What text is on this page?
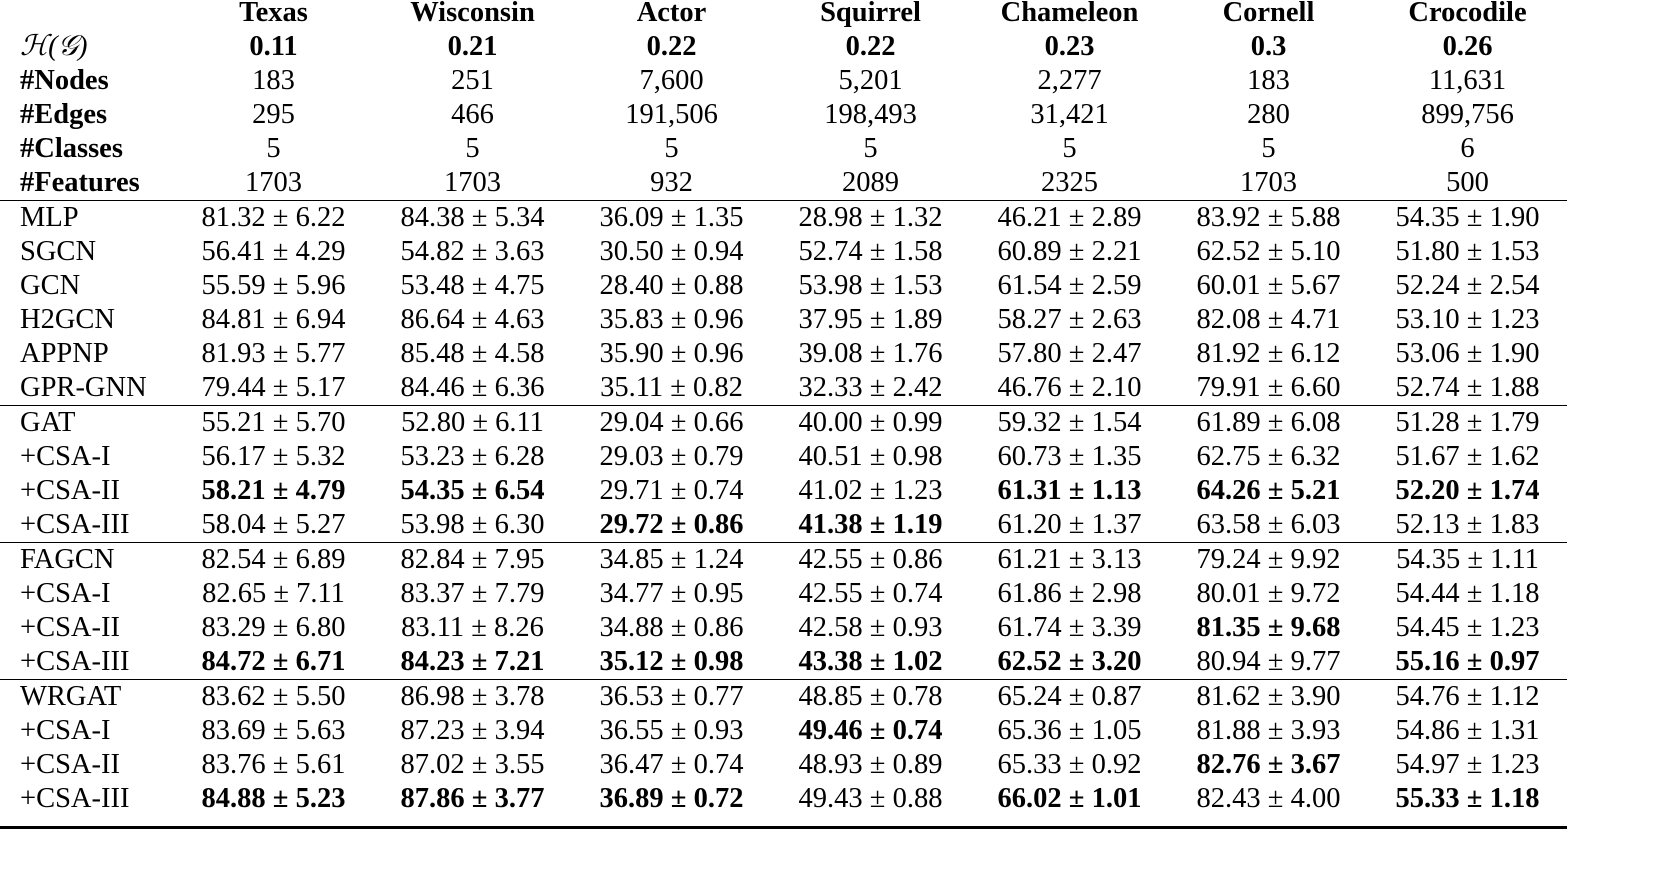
	Texas	Wisconsin	Actor	Squirrel	Chameleon	Cornell	Crocodile
ℋ(𝒢)	0.11	0.21	0.22	0.22	0.23	0.3	0.26
#Nodes	183	251	7,600	5,201	2,277	183	11,631
#Edges	295	466	191,506	198,493	31,421	280	899,756
#Classes	5	5	5	5	5	5	6
#Features	1703	1703	932	2089	2325	1703	500
MLP	81.32 ± 6.22	84.38 ± 5.34	36.09 ± 1.35	28.98 ± 1.32	46.21 ± 2.89	83.92 ± 5.88	54.35 ± 1.90
SGCN	56.41 ± 4.29	54.82 ± 3.63	30.50 ± 0.94	52.74 ± 1.58	60.89 ± 2.21	62.52 ± 5.10	51.80 ± 1.53
GCN	55.59 ± 5.96	53.48 ± 4.75	28.40 ± 0.88	53.98 ± 1.53	61.54 ± 2.59	60.01 ± 5.67	52.24 ± 2.54
H2GCN	84.81 ± 6.94	86.64 ± 4.63	35.83 ± 0.96	37.95 ± 1.89	58.27 ± 2.63	82.08 ± 4.71	53.10 ± 1.23
APPNP	81.93 ± 5.77	85.48 ± 4.58	35.90 ± 0.96	39.08 ± 1.76	57.80 ± 2.47	81.92 ± 6.12	53.06 ± 1.90
GPR-GNN	79.44 ± 5.17	84.46 ± 6.36	35.11 ± 0.82	32.33 ± 2.42	46.76 ± 2.10	79.91 ± 6.60	52.74 ± 1.88
GAT	55.21 ± 5.70	52.80 ± 6.11	29.04 ± 0.66	40.00 ± 0.99	59.32 ± 1.54	61.89 ± 6.08	51.28 ± 1.79
+CSA-I	56.17 ± 5.32	53.23 ± 6.28	29.03 ± 0.79	40.51 ± 0.98	60.73 ± 1.35	62.75 ± 6.32	51.67 ± 1.62
+CSA-II	58.21 ± 4.79	54.35 ± 6.54	29.71 ± 0.74	41.02 ± 1.23	61.31 ± 1.13	64.26 ± 5.21	52.20 ± 1.74
+CSA-III	58.04 ± 5.27	53.98 ± 6.30	29.72 ± 0.86	41.38 ± 1.19	61.20 ± 1.37	63.58 ± 6.03	52.13 ± 1.83
FAGCN	82.54 ± 6.89	82.84 ± 7.95	34.85 ± 1.24	42.55 ± 0.86	61.21 ± 3.13	79.24 ± 9.92	54.35 ± 1.11
+CSA-I	82.65 ± 7.11	83.37 ± 7.79	34.77 ± 0.95	42.55 ± 0.74	61.86 ± 2.98	80.01 ± 9.72	54.44 ± 1.18
+CSA-II	83.29 ± 6.80	83.11 ± 8.26	34.88 ± 0.86	42.58 ± 0.93	61.74 ± 3.39	81.35 ± 9.68	54.45 ± 1.23
+CSA-III	84.72 ± 6.71	84.23 ± 7.21	35.12 ± 0.98	43.38 ± 1.02	62.52 ± 3.20	80.94 ± 9.77	55.16 ± 0.97
WRGAT	83.62 ± 5.50	86.98 ± 3.78	36.53 ± 0.77	48.85 ± 0.78	65.24 ± 0.87	81.62 ± 3.90	54.76 ± 1.12
+CSA-I	83.69 ± 5.63	87.23 ± 3.94	36.55 ± 0.93	49.46 ± 0.74	65.36 ± 1.05	81.88 ± 3.93	54.86 ± 1.31
+CSA-II	83.76 ± 5.61	87.02 ± 3.55	36.47 ± 0.74	48.93 ± 0.89	65.33 ± 0.92	82.76 ± 3.67	54.97 ± 1.23
+CSA-III	84.88 ± 5.23	87.86 ± 3.77	36.89 ± 0.72	49.43 ± 0.88	66.02 ± 1.01	82.43 ± 4.00	55.33 ± 1.18
